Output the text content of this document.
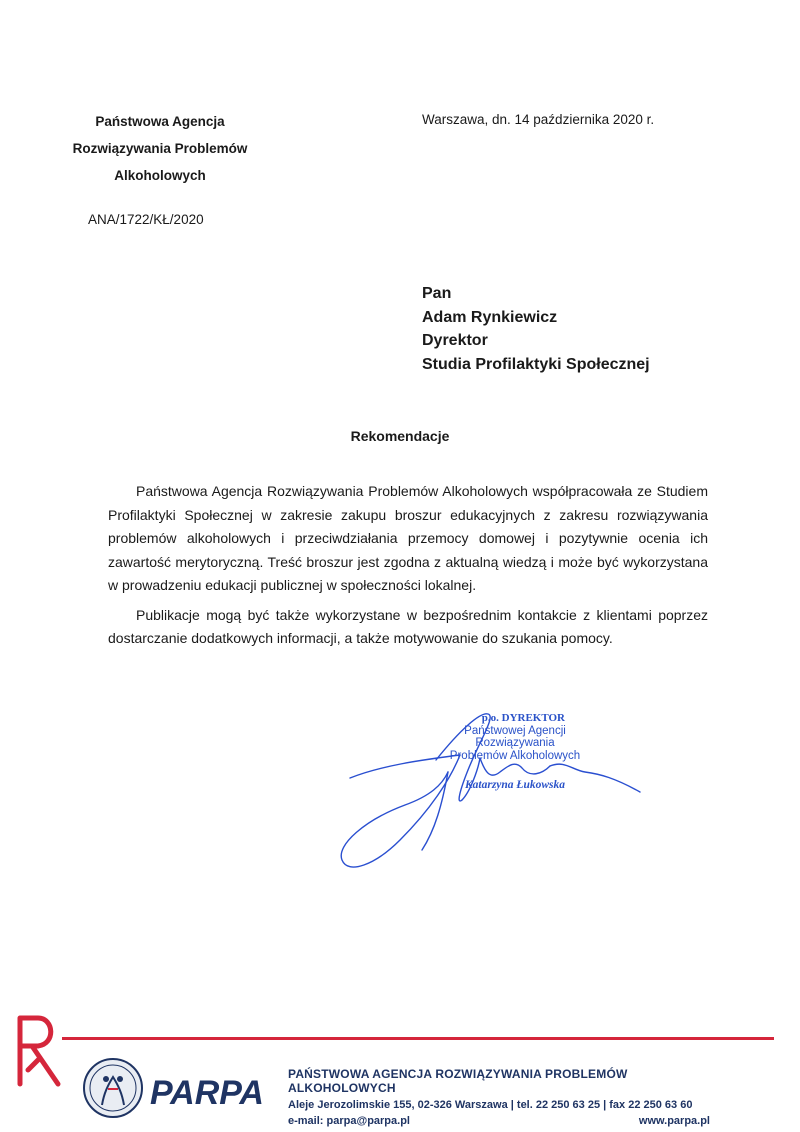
Państwowa Agencja
Rozwiązywania Problemów
Alkoholowych
ANA/1722/KŁ/2020
Warszawa, dn. 14 października 2020 r.
Pan
Adam Rynkiewicz
Dyrektor
Studia Profilaktyki Społecznej
Rekomendacje

Państwowa Agencja Rozwiązywania Problemów Alkoholowych współpracowała ze Studiem Profilaktyki Społecznej w zakresie zakupu broszur edukacyjnych z zakresu rozwiązywania problemów alkoholowych i przeciwdziałania przemocy domowej i pozytywnie ocenia ich zawartość merytoryczną. Treść broszur jest zgodna z aktualną wiedzą i może być wykorzystana w prowadzeniu edukacji publicznej w społeczności lokalnej.

Publikacje mogą być także wykorzystane w bezpośrednim kontakcie z klientami poprzez dostarczanie dodatkowych informacji, a także motywowanie do szukania pomocy.

p.o. DYREKTOR
Państwowej Agencji Rozwiązywania
Problemów Alkoholowych
Katarzyna Łukowska
PARPA PAŃSTWOWA AGENCJA ROZWIĄZYWANIA PROBLEMÓW ALKOHOLOWYCH
Aleje Jerozolimskie 155, 02-326 Warszawa | tel. 22 250 63 25 | fax 22 250 63 60
e-mail: parpa@parpa.pl	www.parpa.pl
